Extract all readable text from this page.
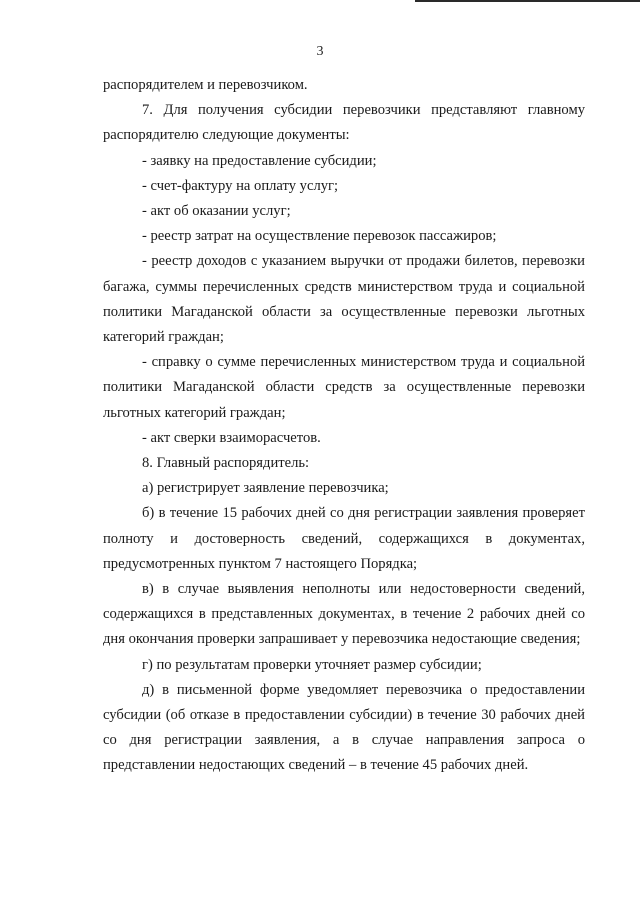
3

распорядителем и перевозчиком.

7. Для получения субсидии перевозчики представляют главному распорядителю следующие документы:

- заявку на предоставление субсидии;

- счет-фактуру на оплату услуг;

- акт об оказании услуг;

- реестр затрат на осуществление перевозок пассажиров;

- реестр доходов с указанием выручки от продажи билетов, перевозки багажа, суммы перечисленных средств министерством труда и социальной политики Магаданской области за осуществленные перевозки льготных категорий граждан;

- справку о сумме перечисленных министерством труда и социальной политики Магаданской области средств за осуществленные перевозки льготных категорий граждан;

- акт сверки взаиморасчетов.

8. Главный распорядитель:

а) регистрирует заявление перевозчика;

б) в течение 15 рабочих дней со дня регистрации заявления проверяет полноту и достоверность сведений, содержащихся в документах, предусмотренных пунктом 7 настоящего Порядка;

в) в случае выявления неполноты или недостоверности сведений, содержащихся в представленных документах, в течение 2 рабочих дней со дня окончания проверки запрашивает у перевозчика недостающие сведения;

г) по результатам проверки уточняет размер субсидии;

д) в письменной форме уведомляет перевозчика о предоставлении субсидии (об отказе в предоставлении субсидии) в течение 30 рабочих дней со дня регистрации заявления, а в случае направления запроса о представлении недостающих сведений – в течение 45 рабочих дней.
